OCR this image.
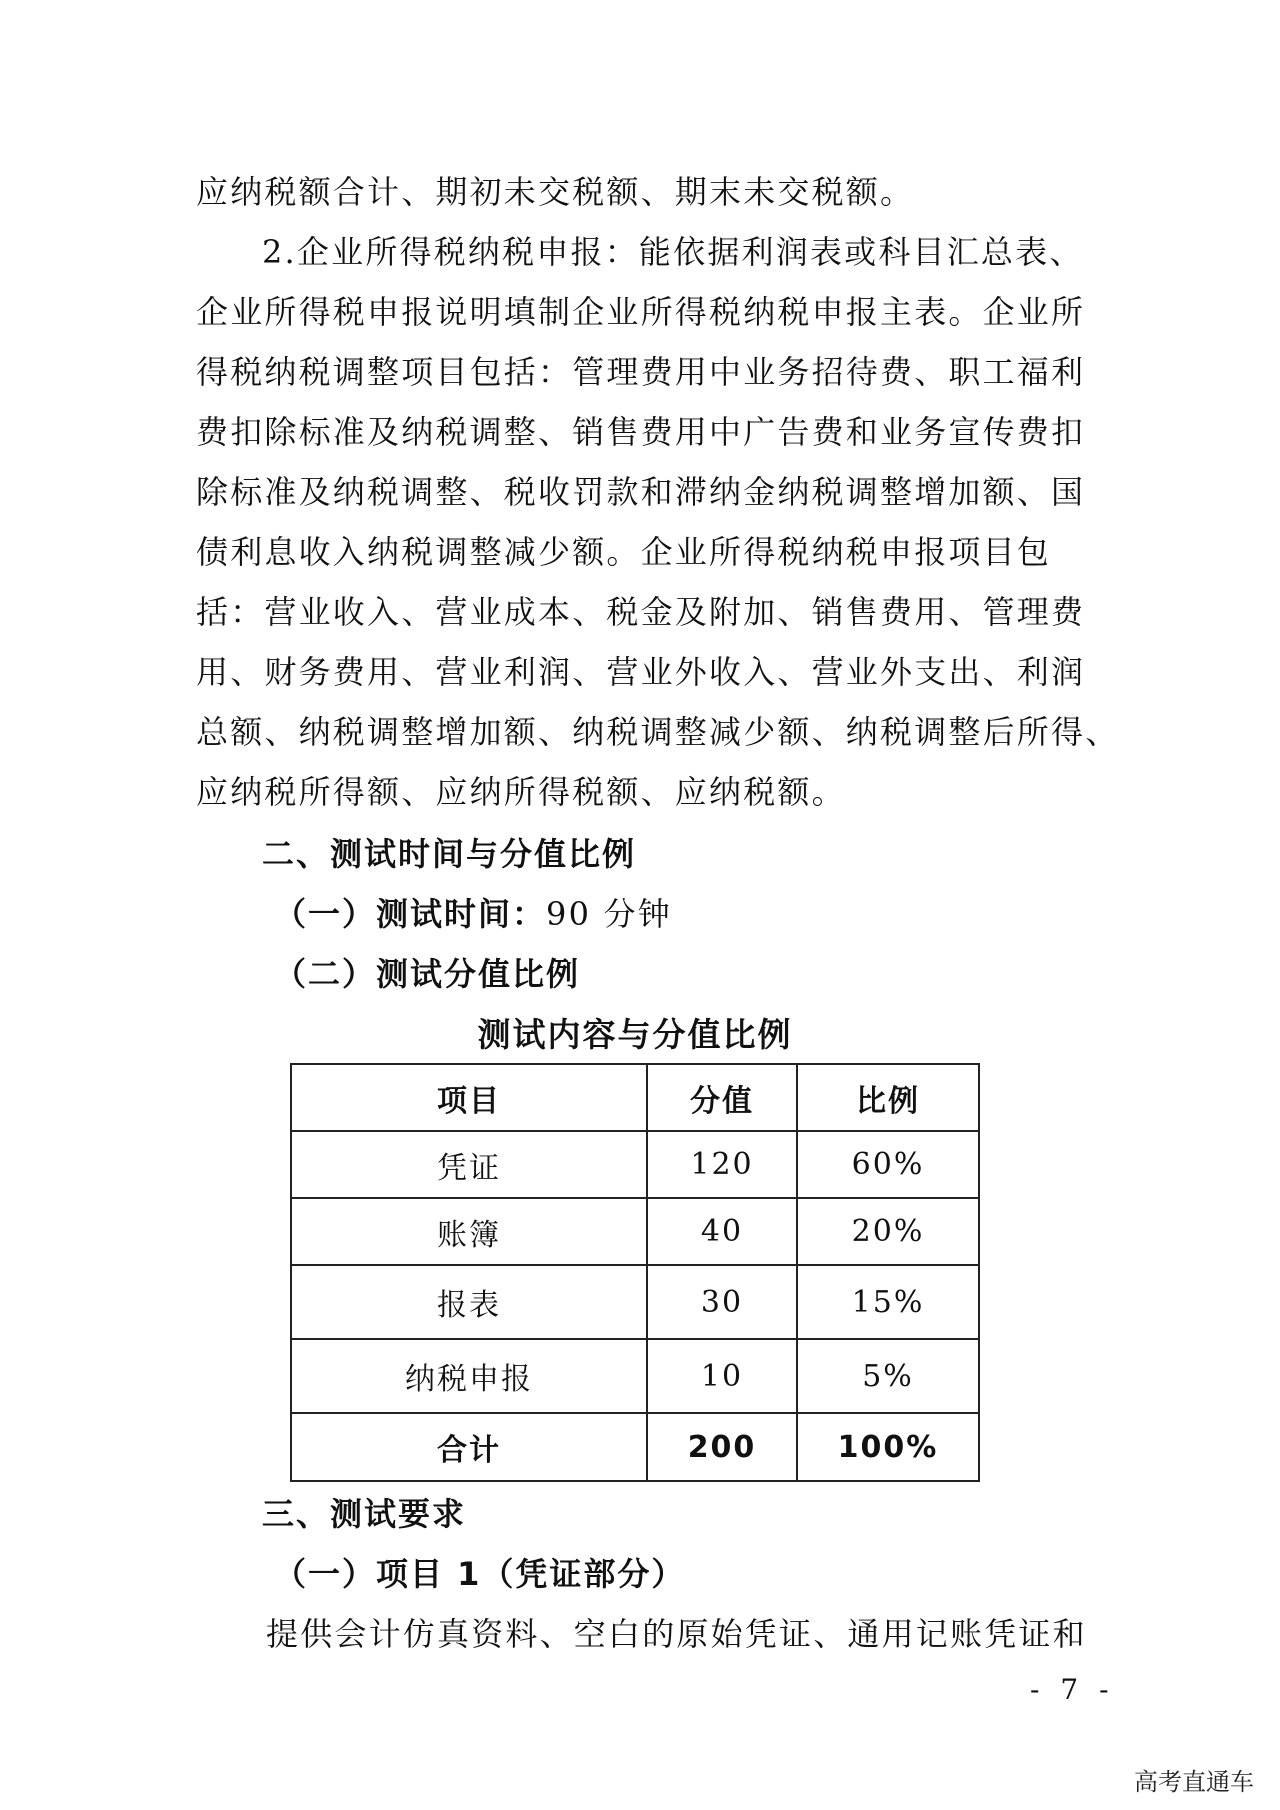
应纳税额合计、期初未交税额、期末未交税额。
2.企业所得税纳税申报：能依据利润表或科目汇总表、
企业所得税申报说明填制企业所得税纳税申报主表。企业所
得税纳税调整项目包括：管理费用中业务招待费、职工福利
费扣除标准及纳税调整、销售费用中广告费和业务宣传费扣
除标准及纳税调整、税收罚款和滞纳金纳税调整增加额、国
债利息收入纳税调整减少额。企业所得税纳税申报项目包
括：营业收入、营业成本、税金及附加、销售费用、管理费
用、财务费用、营业利润、营业外收入、营业外支出、利润
总额、纳税调整增加额、纳税调整减少额、纳税调整后所得、
应纳税所得额、应纳所得税额、应纳税额。
二、测试时间与分值比例
（一）测试时间：90 分钟
（二）测试分值比例
测试内容与分值比例
项目	分值	比例
凭证	120	60%
账簿	40	20%
报表	30	15%
纳税申报	10	5%
合计	200	100%
三、测试要求
（一）项目 1（凭证部分）
提供会计仿真资料、空白的原始凭证、通用记账凭证和
- 7 -
高考直通车
